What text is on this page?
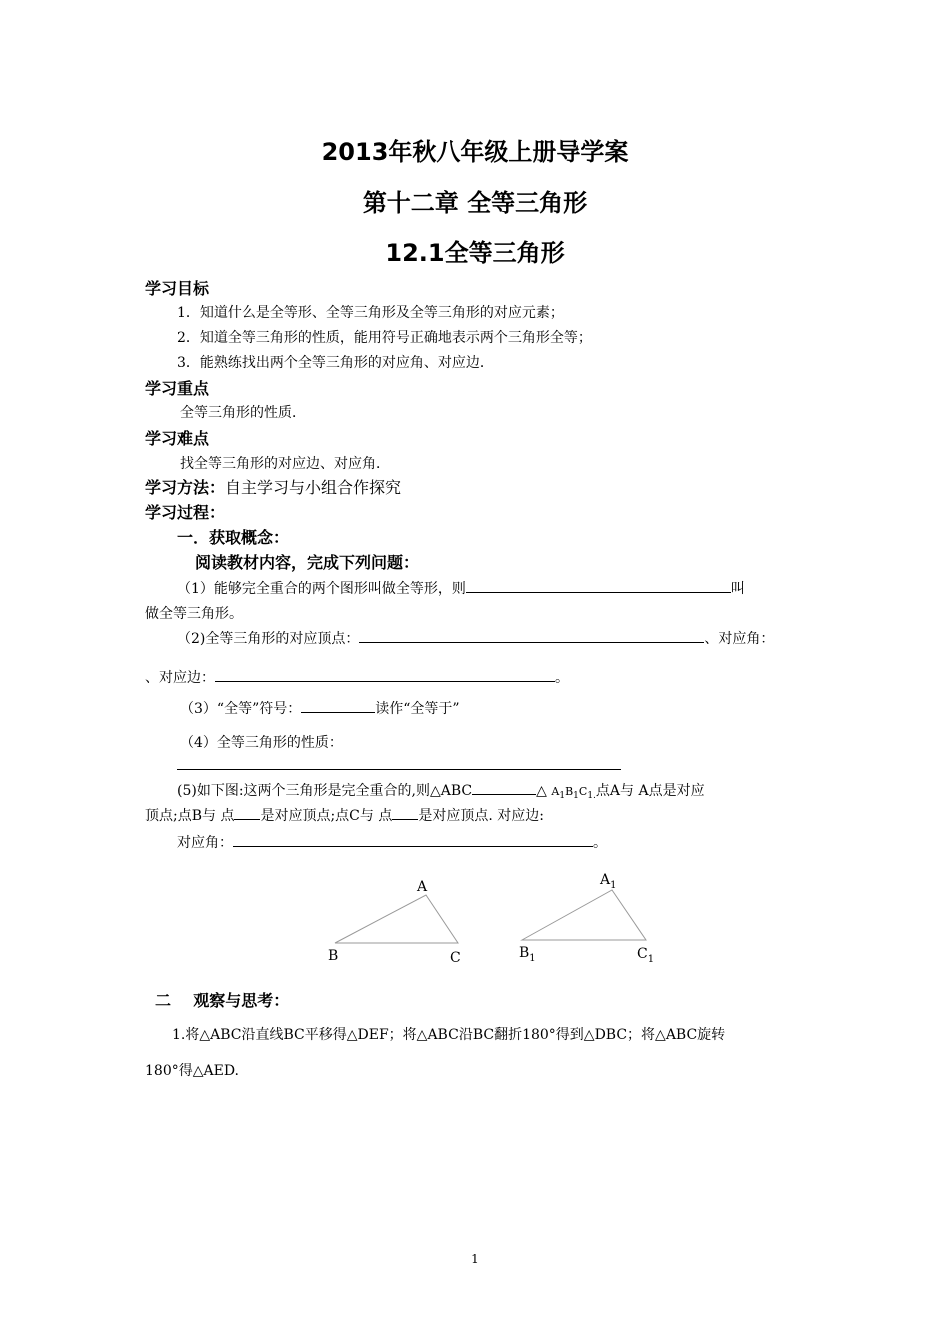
2013年秋八年级上册导学案
第十二章 全等三角形
12.1全等三角形
学习目标
1．知道什么是全等形、全等三角形及全等三角形的对应元素；
2．知道全等三角形的性质，能用符号正确地表示两个三角形全等；
3．能熟练找出两个全等三角形的对应角、对应边．
学习重点
全等三角形的性质．
学习难点
找全等三角形的对应边、对应角．
学习方法：自主学习与小组合作探究
学习过程：
一．获取概念：
阅读教材内容，完成下列问题：
（1）能够完全重合的两个图形叫做全等形，则	叫
做全等三角形。
（2)全等三角形的对应顶点：	、对应角：
、对应边：	。
（3）“全等”符号：	读作“全等于”
（4）全等三角形的性质：
(5)如下图:这两个三角形是完全重合的,则△ABC	△ $A_1B_1C_{1.}$点A与 A点是对应
顶点;点B与 点 是对应顶点;点C与 点 是对应顶点. 对应边:
对应角：	。
A
B	C
$A_1$
$B_1$	$C_1$
二    观察与思考：
1.将△ABC沿直线BC平移得△DEF；将△ABC沿BC翻折180°得到△DBC；将△ABC旋转
180°得△AED.
1
